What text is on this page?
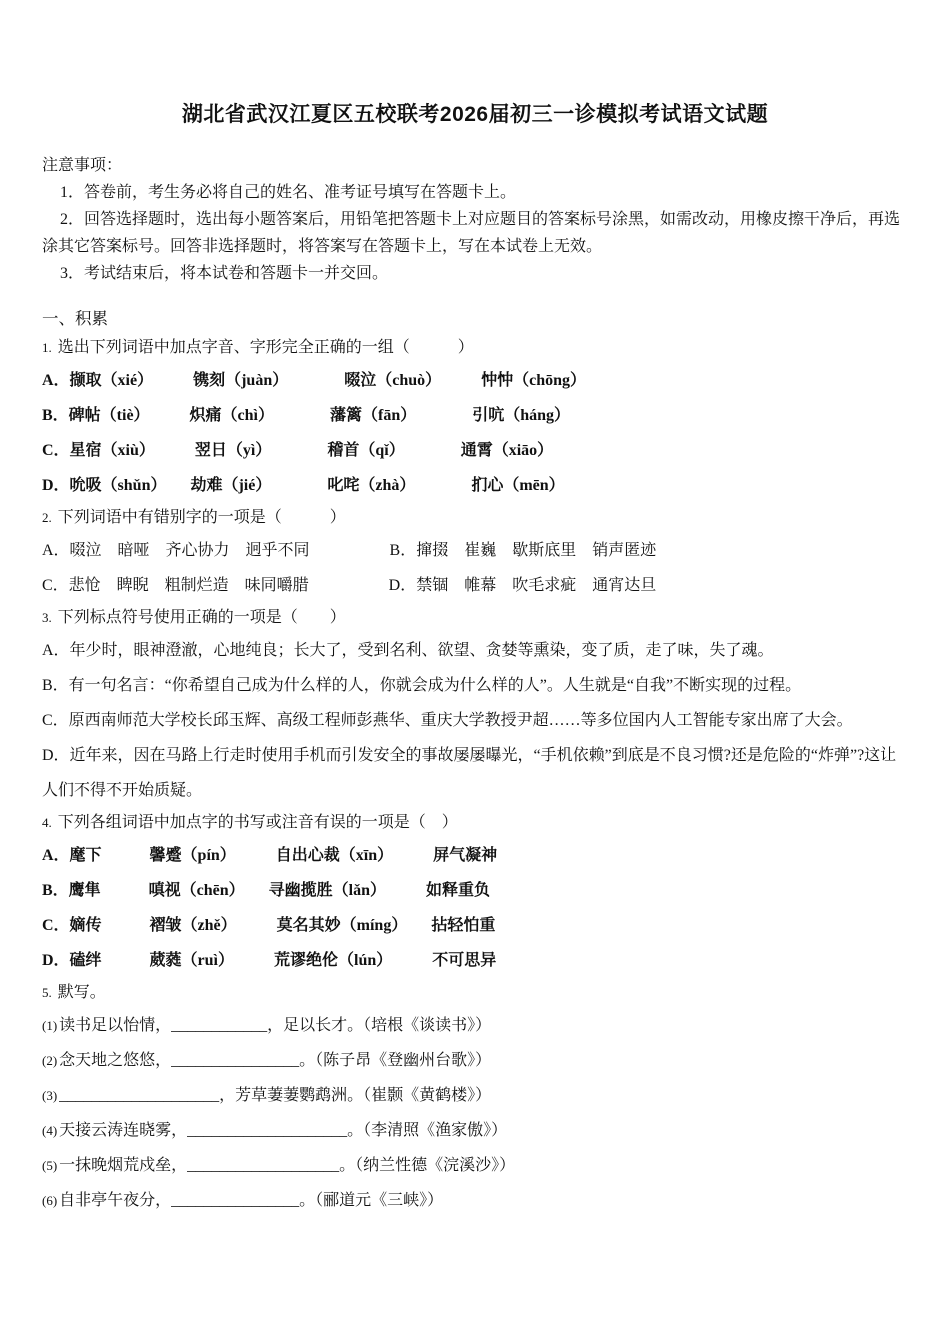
湖北省武汉江夏区五校联考2026届初三一诊模拟考试语文试题
注意事项：
1．答卷前，考生务必将自己的姓名、准考证号填写在答题卡上。
2．回答选择题时，选出每小题答案后，用铅笔把答题卡上对应题目的答案标号涂黑，如需改动，用橡皮擦干净后，再选涂其它答案标号。回答非选择题时，将答案写在答题卡上，写在本试卷上无效。
3．考试结束后，将本试卷和答题卡一并交回。
一、积累
1. 选出下列词语中加点字音、字形完全正确的一组（　　　）
A．撷取（xié）　　　镌刻（juàn）　　　　啜泣（chuò）　　　忡忡（chōng）
B．碑帖（tiè）　　　炽痛（chì）　　　　藩篱（fān）　　　　引吭（háng）
C．星宿（xiù）　　　翌日（yì）　　　　稽首（qǐ）　　　　通霄（xiāo）
D．吮吸（shǔn）　　劫难（jié）　　　　叱咤（zhà）　　　　扪心（mēn）
2. 下列词语中有错别字的一项是（　　　）
A．啜泣　暗哑　齐心协力　迥乎不同　　　　　B．撺掇　崔巍　歇斯底里　销声匿迹
C．悲怆　睥睨　粗制烂造　味同嚼腊　　　　　D．禁锢　帷幕　吹毛求疵　通宵达旦
3. 下列标点符号使用正确的一项是（　　）
A．年少时，眼神澄澈，心地纯良；长大了，受到名利、欲望、贪婪等熏染，变了质，走了味，失了魂。
B．有一句名言：“你希望自己成为什么样的人，你就会成为什么样的人”。人生就是“自我”不断实现的过程。
C．原西南师范大学校长邱玉辉、高级工程师彭燕华、重庆大学教授尹超……等多位国内人工智能专家出席了大会。
D．近年来，因在马路上行走时使用手机而引发安全的事故屡屡曝光，“手机依赖”到底是不良习惯?还是危险的“炸弹”?这让人们不得不开始质疑。
4. 下列各组词语中加点字的书写或注音有误的一项是（　）
A．麾下　　　馨蹙（pín）　　　自出心裁（xīn）　　　屏气凝神
B．鹰隼　　　嗔视（chēn）　　寻幽揽胜（lǎn）　　　如释重负
C．嫡传　　　褶皱（zhě）　　　莫名其妙（míng）　　拈轻怕重
D．磕绊　　　葳蕤（ruì）　　　荒谬绝伦（lún）　　　不可思异
5. 默写。
(1) 读书足以怡情，____________，足以长才。（培根《谈读书》）
(2) 念天地之悠悠，________________。（陈子昂《登幽州台歌》）
(3) ____________________，芳草萋萋鹦鹉洲。（崔颢《黄鹤楼》）
(4) 天接云涛连晓雾，____________________。（李清照《渔家傲》）
(5) 一抹晚烟荒戍垒，___________________。（纳兰性德《浣溪沙》）
(6) 自非亭午夜分，________________。（郦道元《三峡》）
